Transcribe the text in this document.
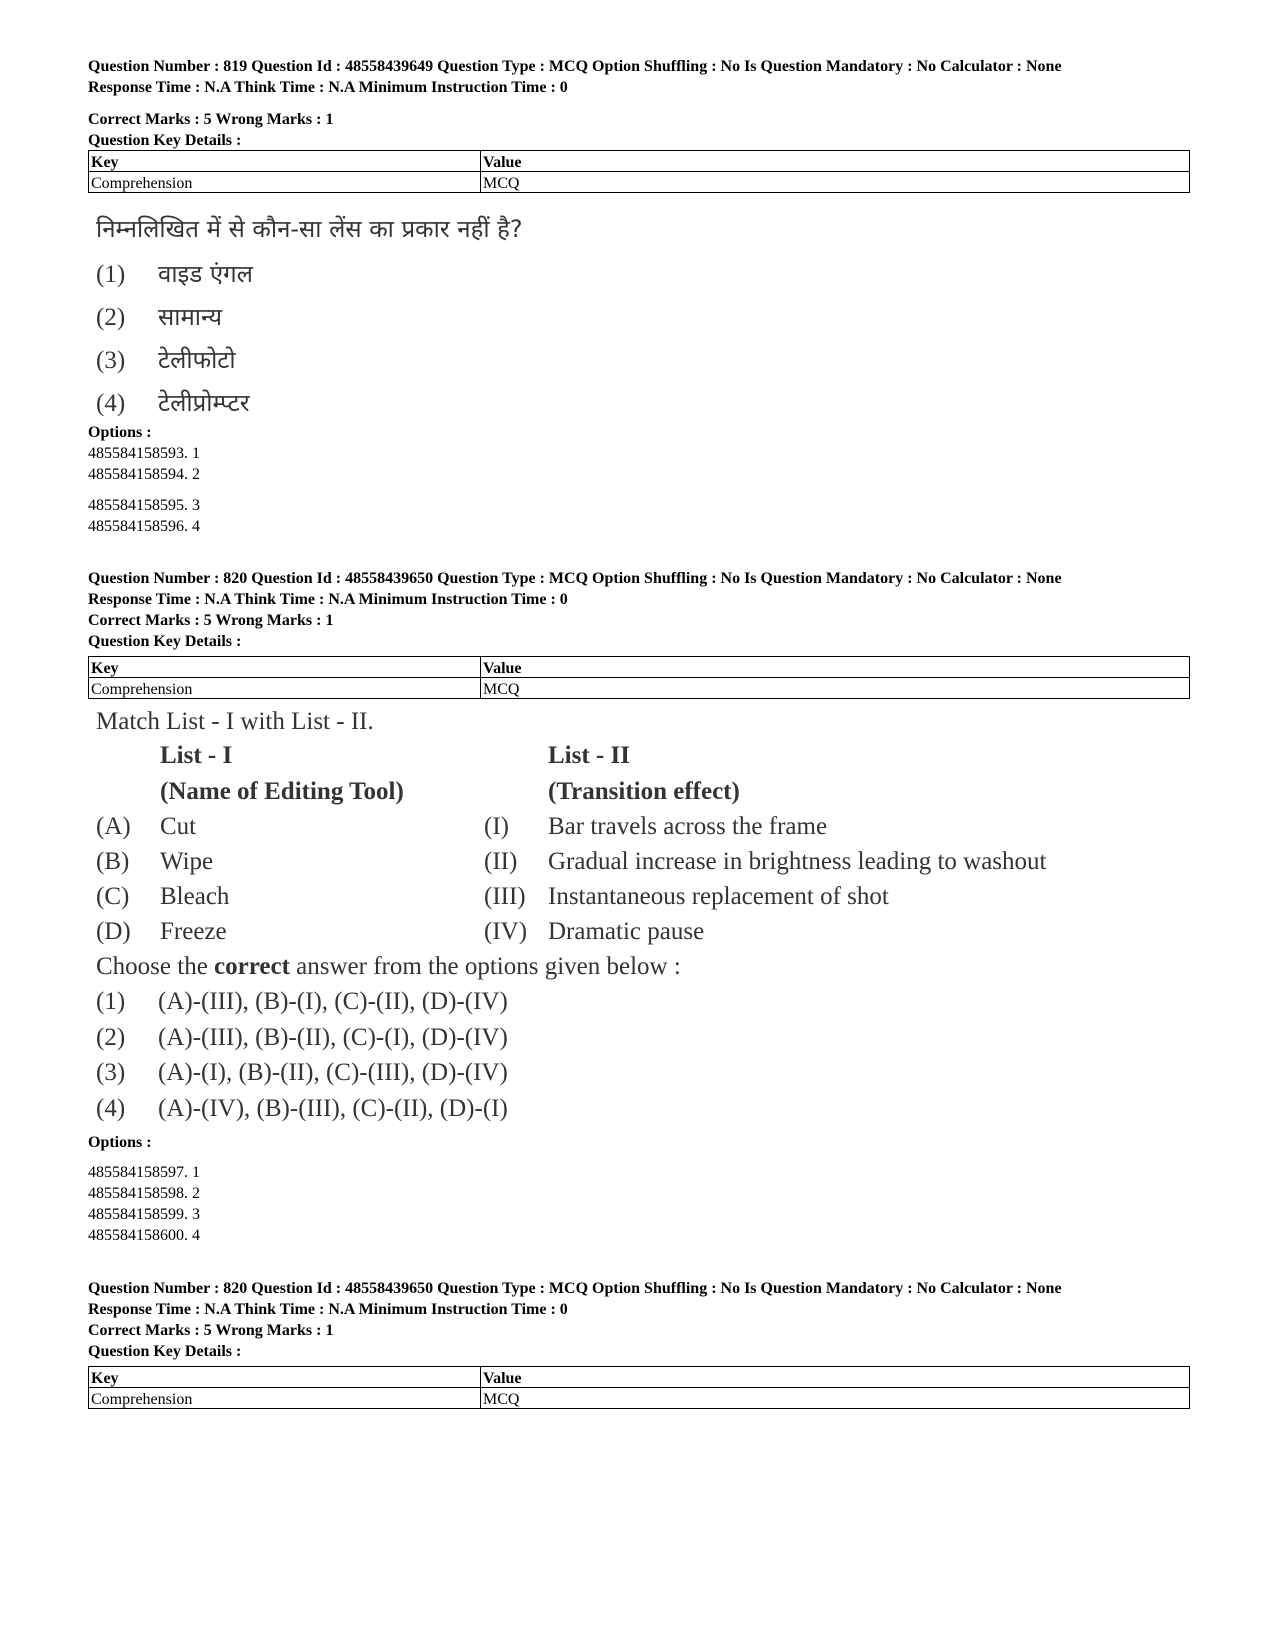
Question Number : 819 Question Id : 48558439649 Question Type : MCQ Option Shuffling : No Is Question Mandatory : No Calculator : None
Response Time : N.A Think Time : N.A Minimum Instruction Time : 0
Correct Marks : 5 Wrong Marks : 1
Question Key Details :
Key	Value
Comprehension	MCQ
निम्नलिखित में से कौन-सा लेंस का प्रकार नहीं है?
(1) वाइड एंगल
(2) सामान्य
(3) टेलीफोटो
(4) टेलीप्रोम्प्टर
Options :
485584158593. 1
485584158594. 2
485584158595. 3
485584158596. 4
Question Number : 820 Question Id : 48558439650 Question Type : MCQ Option Shuffling : No Is Question Mandatory : No Calculator : None
Response Time : N.A Think Time : N.A Minimum Instruction Time : 0
Correct Marks : 5 Wrong Marks : 1
Question Key Details :
Key	Value
Comprehension	MCQ
Match List - I with List - II.
List - I	List - II
(Name of Editing Tool)	(Transition effect)
(A) Cut	(I) Bar travels across the frame
(B) Wipe	(II) Gradual increase in brightness leading to washout
(C) Bleach	(III) Instantaneous replacement of shot
(D) Freeze	(IV) Dramatic pause
Choose the correct answer from the options given below :
(1) (A)-(III), (B)-(I), (C)-(II), (D)-(IV)
(2) (A)-(III), (B)-(II), (C)-(I), (D)-(IV)
(3) (A)-(I), (B)-(II), (C)-(III), (D)-(IV)
(4) (A)-(IV), (B)-(III), (C)-(II), (D)-(I)
Options :
485584158597. 1
485584158598. 2
485584158599. 3
485584158600. 4
Question Number : 820 Question Id : 48558439650 Question Type : MCQ Option Shuffling : No Is Question Mandatory : No Calculator : None
Response Time : N.A Think Time : N.A Minimum Instruction Time : 0
Correct Marks : 5 Wrong Marks : 1
Question Key Details :
Key	Value
Comprehension	MCQ
